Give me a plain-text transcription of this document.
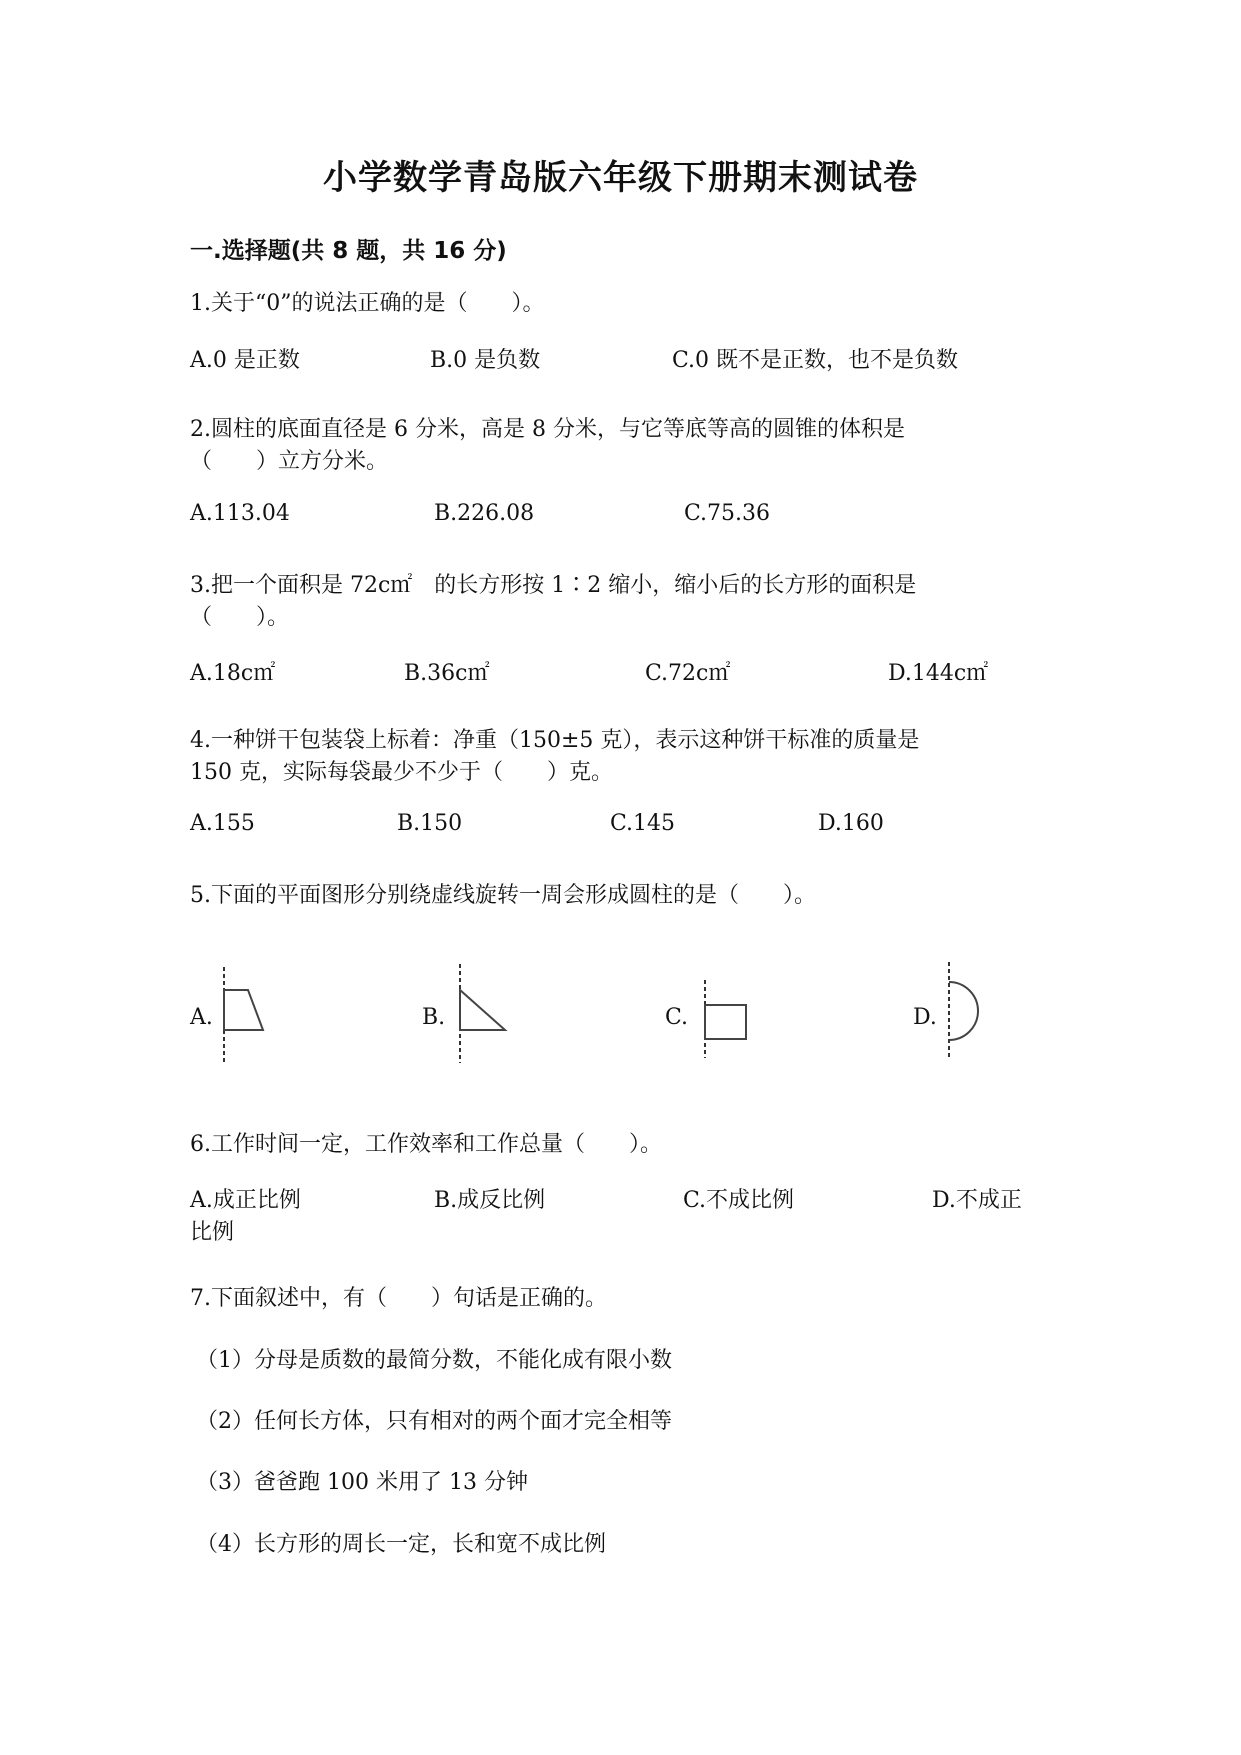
小学数学青岛版六年级下册期末测试卷
一.选择题(共 8 题，共 16 分)
1.关于“0”的说法正确的是（　　）。
A.0 是正数	B.0 是负数	C.0 既不是正数，也不是负数
2.圆柱的底面直径是 6 分米，高是 8 分米，与它等底等高的圆锥的体积是
（　　）立方分米。
A.113.04	B.226.08	C.75.36
3.把一个面积是 72c㎡　的长方形按 1∶2 缩小，缩小后的长方形的面积是
（　　）。
A.18c㎡	B.36c㎡	C.72c㎡	D.144c㎡
4.一种饼干包装袋上标着：净重（150±5 克），表示这种饼干标准的质量是
150 克，实际每袋最少不少于（　　）克。
A.155	B.150	C.145	D.160
5.下面的平面图形分别绕虚线旋转一周会形成圆柱的是（　　）。
A.	B.	C.	D.
6.工作时间一定，工作效率和工作总量（　　）。
A.成正比例	B.成反比例	C.不成比例	D.不成正
比例
7.下面叙述中，有（　　）句话是正确的。
（1）分母是质数的最简分数，不能化成有限小数
（2）任何长方体，只有相对的两个面才完全相等
（3）爸爸跑 100 米用了 13 分钟
（4）长方形的周长一定，长和宽不成比例
